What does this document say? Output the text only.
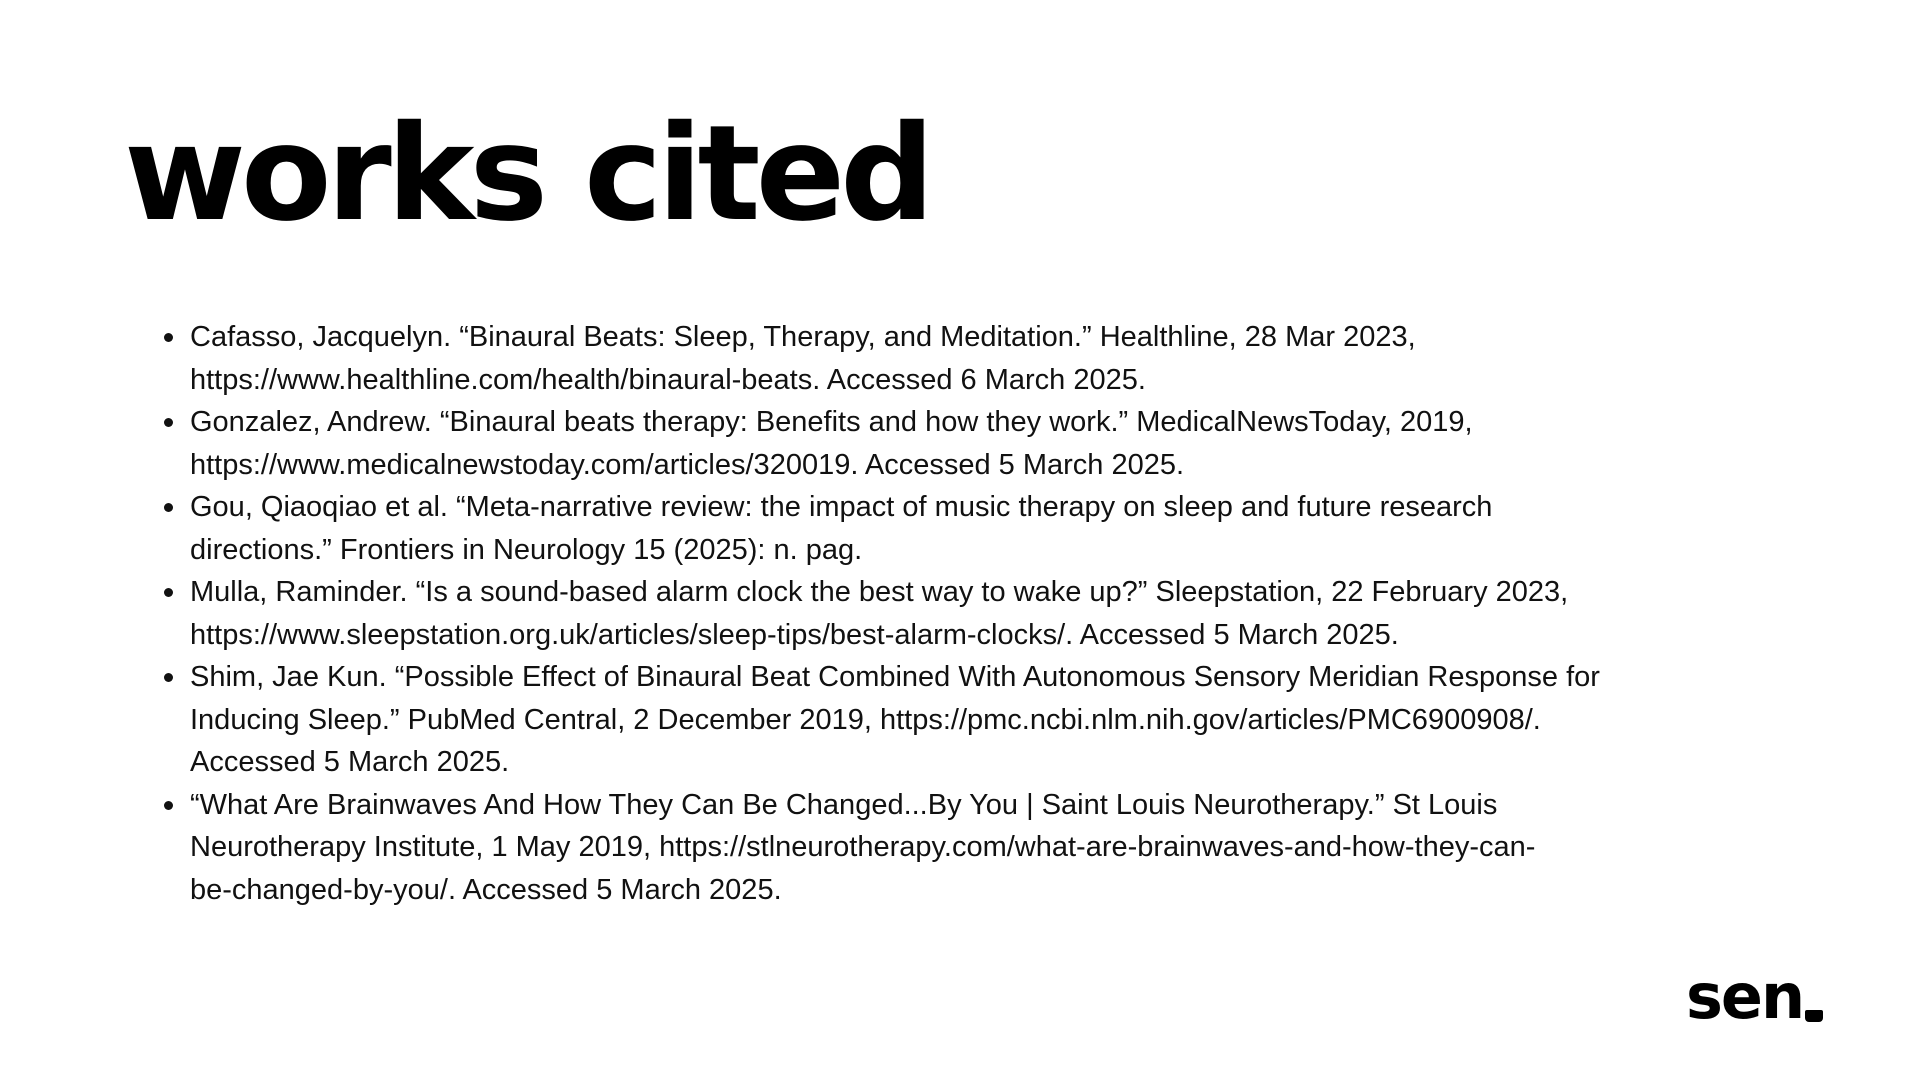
works cited
Cafasso, Jacquelyn. “Binaural Beats: Sleep, Therapy, and Meditation.” Healthline, 28 Mar 2023,
https://www.healthline.com/health/binaural-beats. Accessed 6 March 2025.
Gonzalez, Andrew. “Binaural beats therapy: Benefits and how they work.” MedicalNewsToday, 2019,
https://www.medicalnewstoday.com/articles/320019. Accessed 5 March 2025.
Gou, Qiaoqiao et al. “Meta-narrative review: the impact of music therapy on sleep and future research
directions.” Frontiers in Neurology 15 (2025): n. pag.
Mulla, Raminder. “Is a sound-based alarm clock the best way to wake up?” Sleepstation, 22 February 2023,
https://www.sleepstation.org.uk/articles/sleep-tips/best-alarm-clocks/. Accessed 5 March 2025.
Shim, Jae Kun. “Possible Effect of Binaural Beat Combined With Autonomous Sensory Meridian Response for
Inducing Sleep.” PubMed Central, 2 December 2019, https://pmc.ncbi.nlm.nih.gov/articles/PMC6900908/.
Accessed 5 March 2025.
“What Are Brainwaves And How They Can Be Changed...By You | Saint Louis Neurotherapy.” St Louis
Neurotherapy Institute, 1 May 2019, https://stlneurotherapy.com/what-are-brainwaves-and-how-they-can-
be-changed-by-you/. Accessed 5 March 2025.
sen
